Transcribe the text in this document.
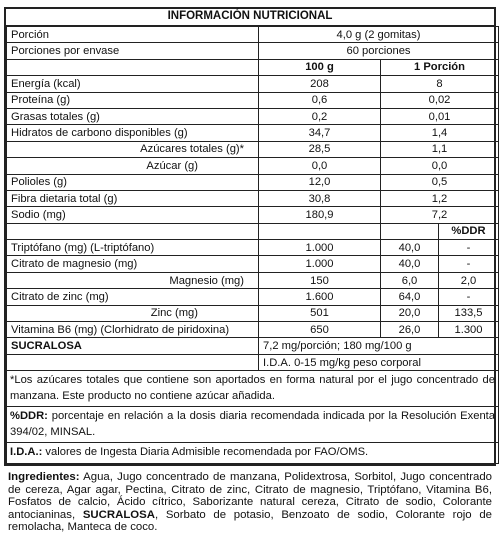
INFORMACIÓN NUTRICIONAL
Porción	4,0 g (2 gomitas)		
Porciones por envase	60 porciones		
	100 g	1 Porción	
Energía (kcal)	208	8	
Proteína (g)	0,6	0,02	
Grasas totales (g)	0,2	0,01	
Hidratos de carbono disponibles (g)	34,7	1,4	
Azúcares totales (g)*	28,5	1,1	
Azúcar (g)	0,0	0,0	
Polioles (g)	12,0	0,5	
Fibra dietaria total (g)	30,8	1,2	
Sodio (mg)	180,9	7,2	
			%DDR
Triptófano (mg) (L-triptófano)	1.000	40,0	-
Citrato de magnesio (mg)	1.000	40,0	-
Magnesio (mg)	150	6,0	2,0
Citrato de zinc (mg)	1.600	64,0	-
Zinc (mg)	501	20,0	133,5
Vitamina B6 (mg) (Clorhidrato de piridoxina)	650	26,0	1.300
SUCRALOSA	7,2 mg/porción; 180 mg/100 g		
	I.D.A. 0-15 mg/kg peso corporal		
*Los azúcares totales que contiene son aportados en forma natural por el jugo concentrado de manzana. Este producto no contiene azúcar añadida.			
%DDR: porcentaje en relación a la dosis diaria recomendada indicada por la Resolución Exenta 394/02, MINSAL.			
I.D.A.: valores de Ingesta Diaria Admisible recomendada por FAO/OMS.			
Ingredientes: Agua, Jugo concentrado de manzana, Polidextrosa, Sorbitol, Jugo concentrado de cereza, Agar agar, Pectina, Citrato de zinc, Citrato de magnesio, Triptófano, Vitamina B6, Fosfatos de calcio, Ácido cítrico, Saborizante natural cereza, Citrato de sodio, Colorante antocianinas, SUCRALOSA, Sorbato de potasio, Benzoato de sodio, Colorante rojo de remolacha, Manteca de coco.
